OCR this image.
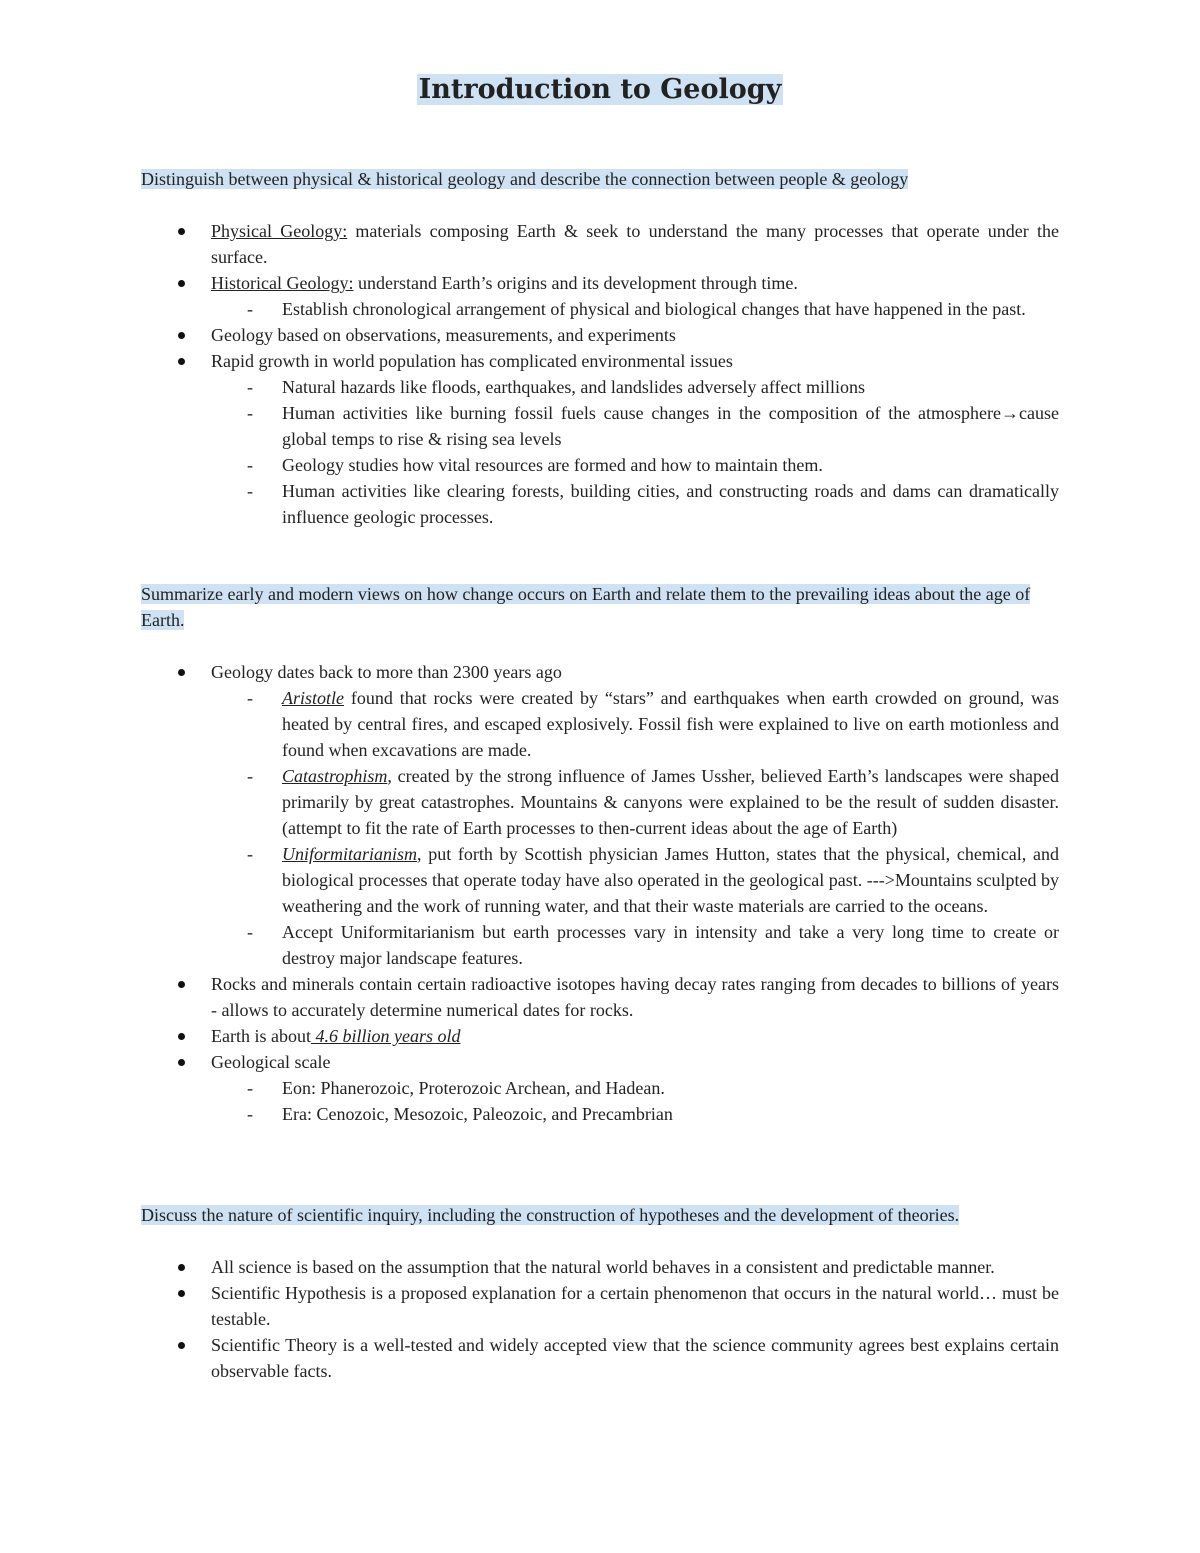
Introduction to Geology
Distinguish between physical & historical geology and describe the connection between people & geology
Physical Geology: materials composing Earth & seek to understand the many processes that operate under the surface.
Historical Geology: understand Earth’s origins and its development through time.
- Establish chronological arrangement of physical and biological changes that have happened in the past.
Geology based on observations, measurements, and experiments
Rapid growth in world population has complicated environmental issues
- Natural hazards like floods, earthquakes, and landslides adversely affect millions
- Human activities like burning fossil fuels cause changes in the composition of the atmosphere→cause global temps to rise & rising sea levels
- Geology studies how vital resources are formed and how to maintain them.
- Human activities like clearing forests, building cities, and constructing roads and dams can dramatically influence geologic processes.
Summarize early and modern views on how change occurs on Earth and relate them to the prevailing ideas about the age of Earth.
Geology dates back to more than 2300 years ago
- Aristotle found that rocks were created by “stars” and earthquakes when earth crowded on ground, was heated by central fires, and escaped explosively. Fossil fish were explained to live on earth motionless and found when excavations are made.
- Catastrophism, created by the strong influence of James Ussher, believed Earth’s landscapes were shaped primarily by great catastrophes. Mountains & canyons were explained to be the result of sudden disaster. (attempt to fit the rate of Earth processes to then-current ideas about the age of Earth)
- Uniformitarianism, put forth by Scottish physician James Hutton, states that the physical, chemical, and biological processes that operate today have also operated in the geological past. --->Mountains sculpted by weathering and the work of running water, and that their waste materials are carried to the oceans.
- Accept Uniformitarianism but earth processes vary in intensity and take a very long time to create or destroy major landscape features.
Rocks and minerals contain certain radioactive isotopes having decay rates ranging from decades to billions of years - allows to accurately determine numerical dates for rocks.
Earth is about 4.6 billion years old
Geological scale
- Eon: Phanerozoic, Proterozoic Archean, and Hadean.
- Era: Cenozoic, Mesozoic, Paleozoic, and Precambrian
Discuss the nature of scientific inquiry, including the construction of hypotheses and the development of theories.
All science is based on the assumption that the natural world behaves in a consistent and predictable manner.
Scientific Hypothesis is a proposed explanation for a certain phenomenon that occurs in the natural world… must be testable.
Scientific Theory is a well-tested and widely accepted view that the science community agrees best explains certain observable facts.
